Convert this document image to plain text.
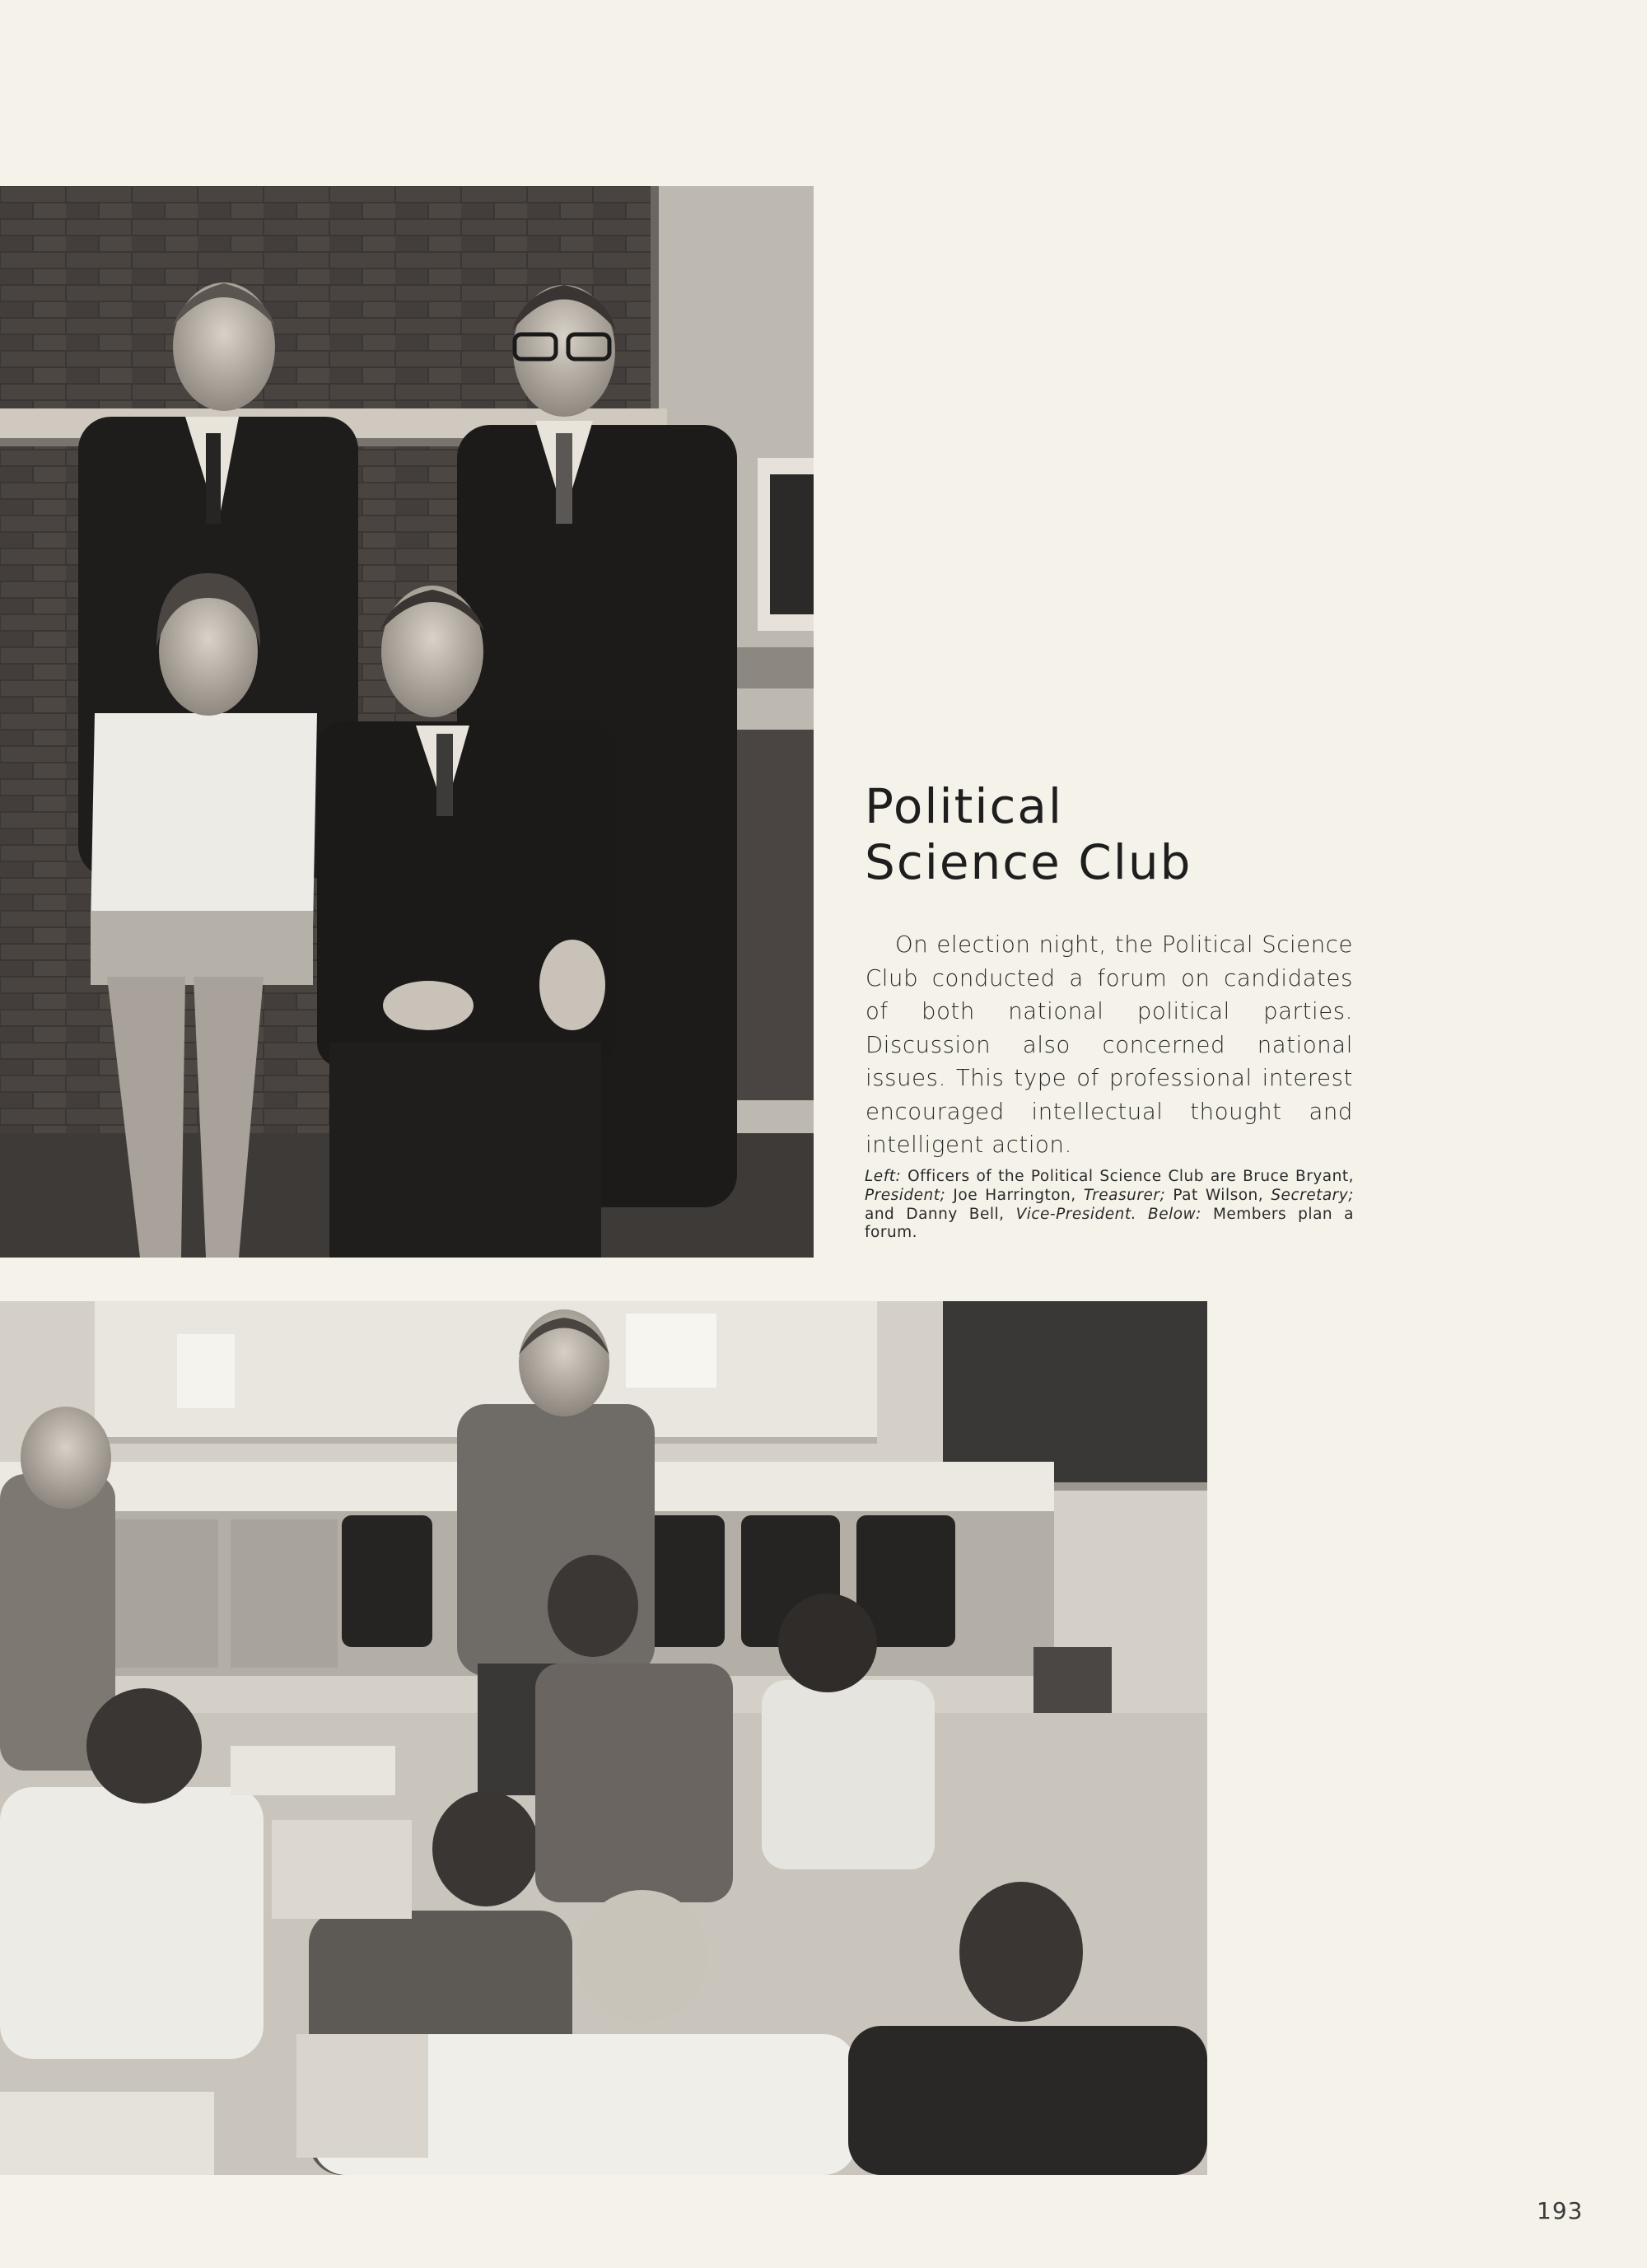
Political
Science Club

On election night, the Political Science Club conducted a forum on candidates of both national political parties. Discussion also concerned national issues. This type of professional interest encouraged intellectual thought and intelligent action.

Left: Officers of the Political Science Club are Bruce Bryant, President; Joe Harrington, Treasurer; Pat Wilson, Secretary; and Danny Bell, Vice-President. Below: Members plan a forum.

193
